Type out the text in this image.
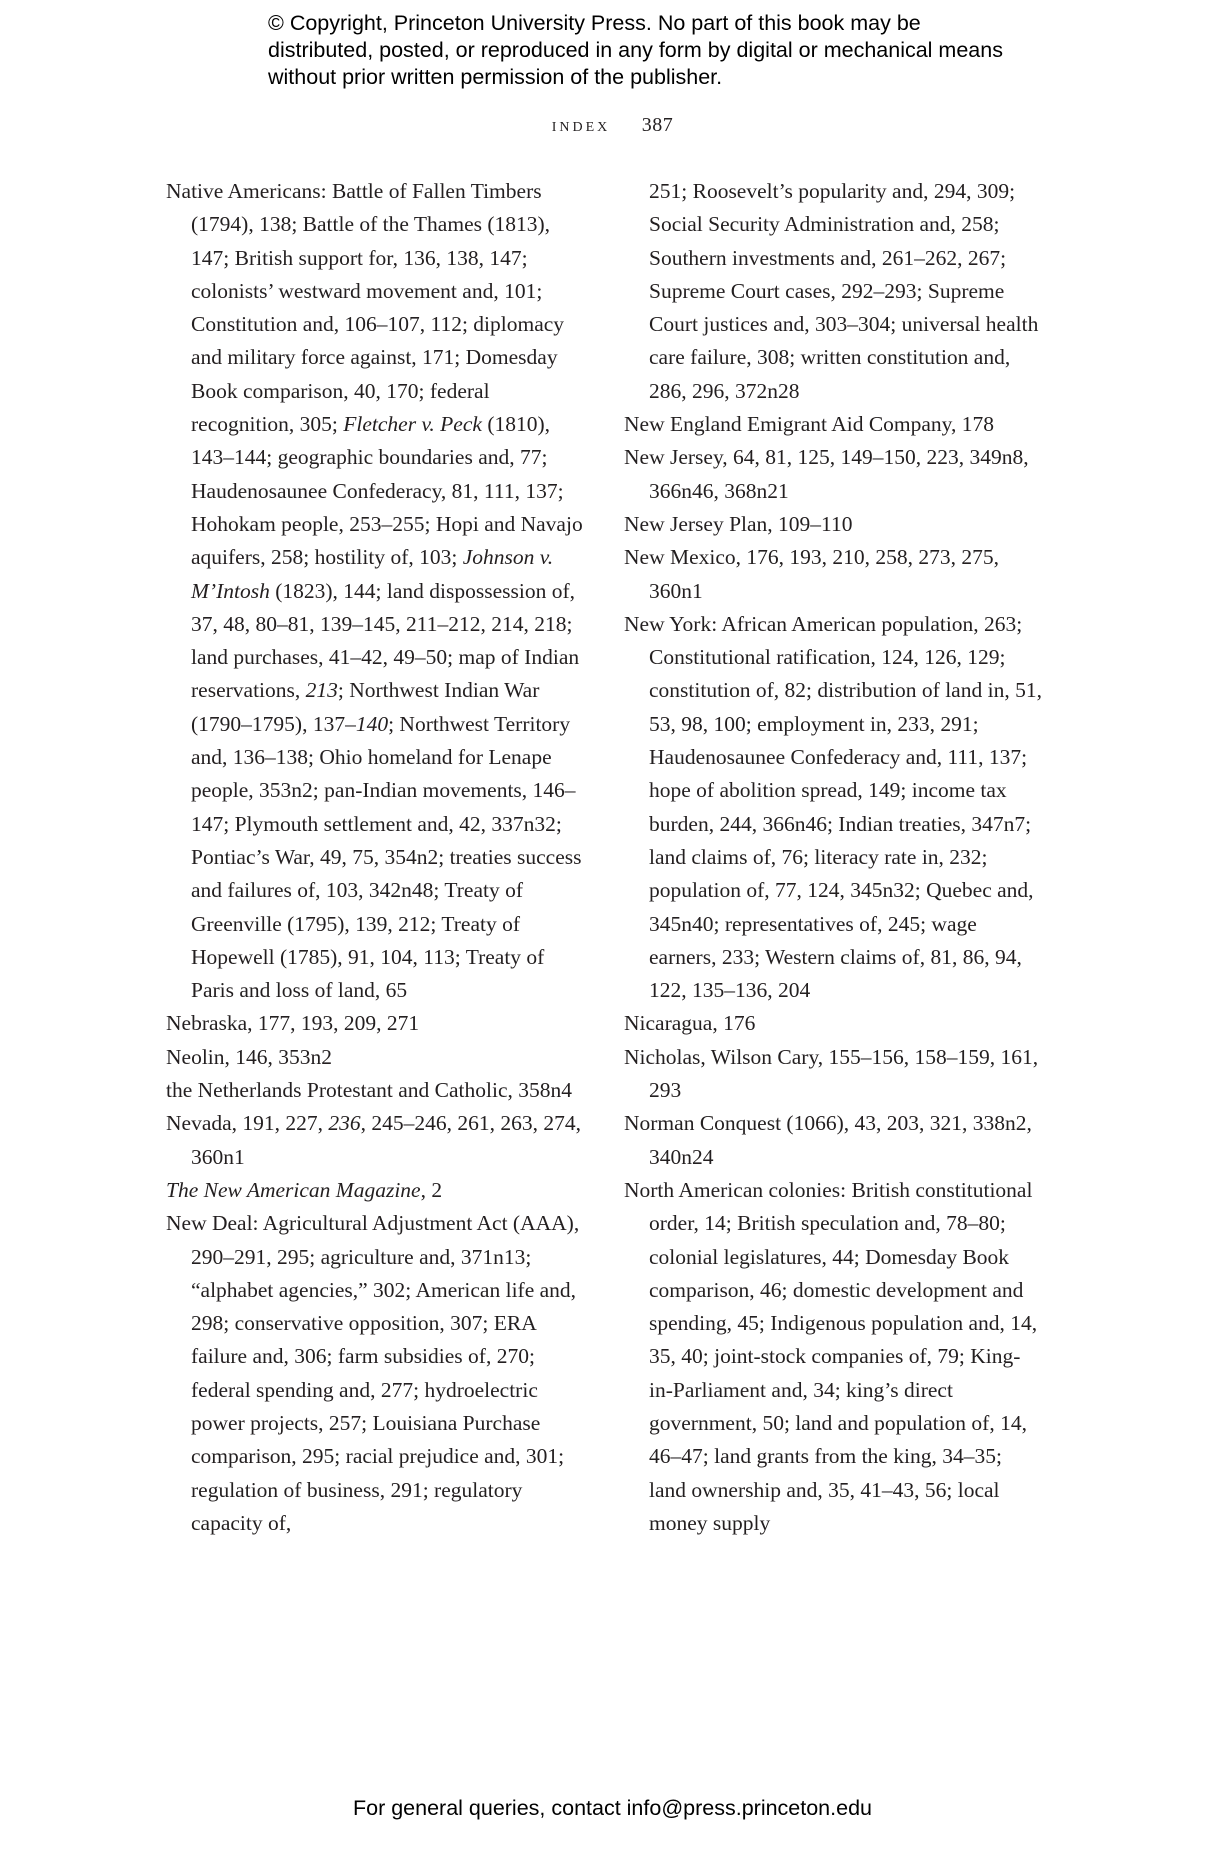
© Copyright, Princeton University Press. No part of this book may be distributed, posted, or reproduced in any form by digital or mechanical means without prior written permission of the publisher.
index 387

Native Americans: Battle of Fallen Timbers (1794), 138; Battle of the Thames (1813), 147; British support for, 136, 138, 147; colonists’ westward movement and, 101; Constitution and, 106–107, 112; diplomacy and military force against, 171; Domesday Book comparison, 40, 170; federal recognition, 305; Fletcher v. Peck (1810), 143–144; geographic boundaries and, 77; Haudenosaunee Confederacy, 81, 111, 137; Hohokam people, 253–255; Hopi and Navajo aquifers, 258; hostility of, 103; Johnson v. M’Intosh (1823), 144; land dispossession of, 37, 48, 80–81, 139–145, 211–212, 214, 218; land purchases, 41–42, 49–50; map of Indian reservations, 213; Northwest Indian War (1790–1795), 137–140; Northwest Territory and, 136–138; Ohio homeland for Lenape people, 353n2; pan-Indian movements, 146–147; Plymouth settlement and, 42, 337n32; Pontiac’s War, 49, 75, 354n2; treaties success and failures of, 103, 342n48; Treaty of Greenville (1795), 139, 212; Treaty of Hopewell (1785), 91, 104, 113; Treaty of Paris and loss of land, 65

Nebraska, 177, 193, 209, 271

Neolin, 146, 353n2

the Netherlands Protestant and Catholic, 358n4

Nevada, 191, 227, 236, 245–246, 261, 263, 274, 360n1

The New American Magazine, 2

New Deal: Agricultural Adjustment Act (AAA), 290–291, 295; agriculture and, 371n13; “alphabet agencies,” 302; American life and, 298; conservative opposition, 307; ERA failure and, 306; farm subsidies of, 270; federal spending and, 277; hydroelectric power projects, 257; Louisiana Purchase comparison, 295; racial prejudice and, 301; regulation of business, 291; regulatory capacity of,

251; Roosevelt’s popularity and, 294, 309; Social Security Administration and, 258; Southern investments and, 261–262, 267; Supreme Court cases, 292–293; Supreme Court justices and, 303–304; universal health care failure, 308; written constitution and, 286, 296, 372n28

New England Emigrant Aid Company, 178

New Jersey, 64, 81, 125, 149–150, 223, 349n8, 366n46, 368n21

New Jersey Plan, 109–110

New Mexico, 176, 193, 210, 258, 273, 275, 360n1

New York: African American population, 263; Constitutional ratification, 124, 126, 129; constitution of, 82; distribution of land in, 51, 53, 98, 100; employment in, 233, 291; Haudenosaunee Confederacy and, 111, 137; hope of abolition spread, 149; income tax burden, 244, 366n46; Indian treaties, 347n7; land claims of, 76; literacy rate in, 232; population of, 77, 124, 345n32; Quebec and, 345n40; representatives of, 245; wage earners, 233; Western claims of, 81, 86, 94, 122, 135–136, 204

Nicaragua, 176

Nicholas, Wilson Cary, 155–156, 158–159, 161, 293

Norman Conquest (1066), 43, 203, 321, 338n2, 340n24

North American colonies: British constitutional order, 14; British speculation and, 78–80; colonial legislatures, 44; Domesday Book comparison, 46; domestic development and spending, 45; Indigenous population and, 14, 35, 40; joint-stock companies of, 79; King-in-Parliament and, 34; king’s direct government, 50; land and population of, 14, 46–47; land grants from the king, 34–35; land ownership and, 35, 41–43, 56; local money supply

For general queries, contact info@press.princeton.edu
